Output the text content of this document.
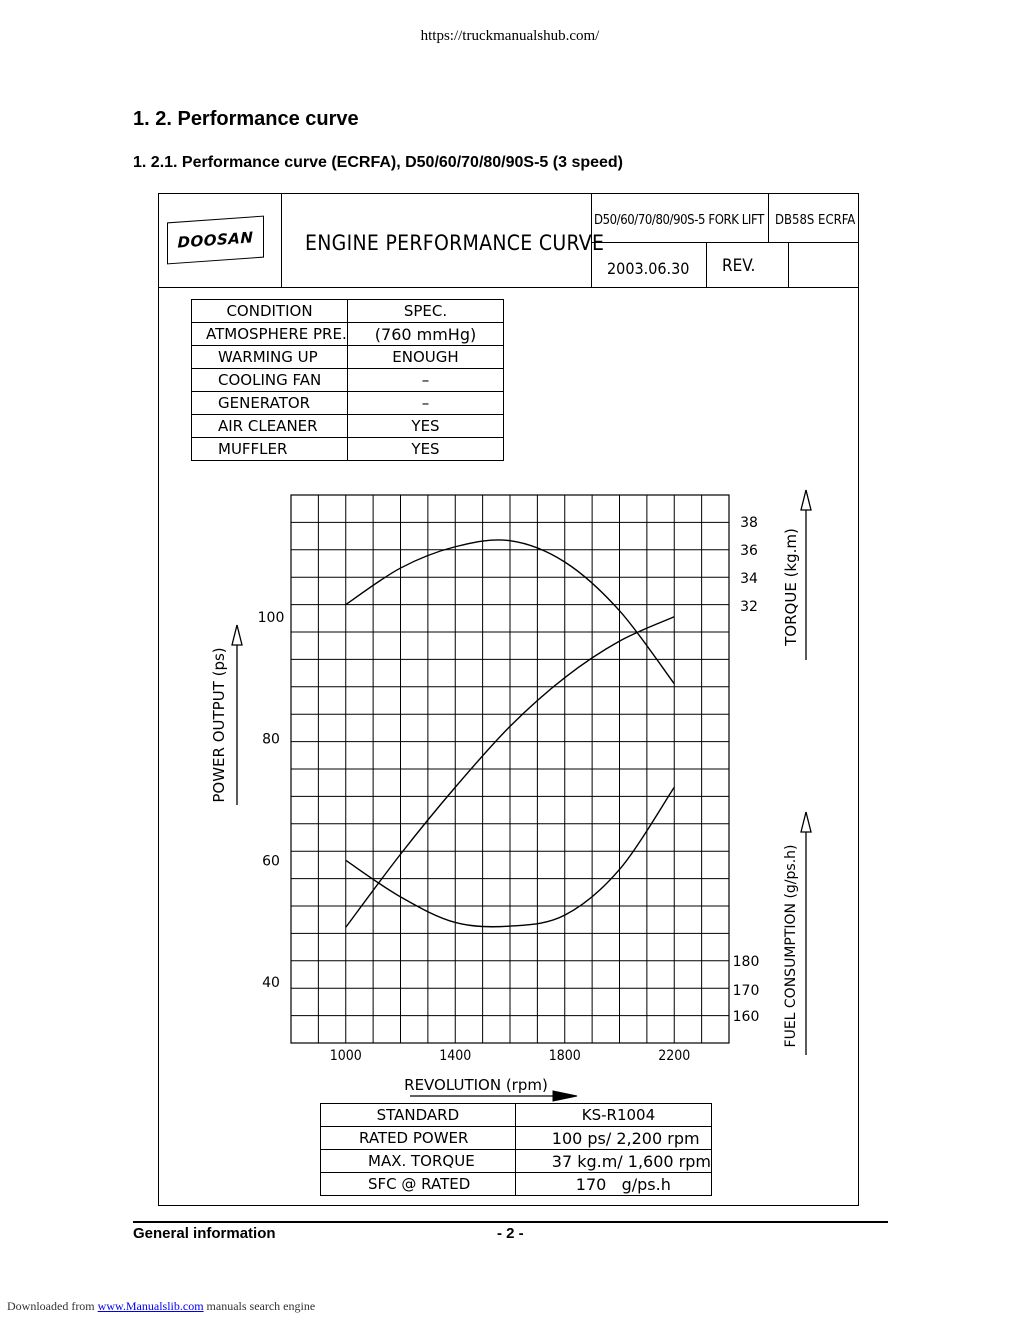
https://truckmanualshub.com/
1. 2. Performance curve
1. 2.1. Performance curve (ECRFA), D50/60/70/80/90S-5 (3 speed)
DOOSAN ENGINE PERFORMANCE CURVE
D50/60/70/80/90S-5 FORK LIFT DB58S ECRFA
2003.06.30 REV.
CONDITION	SPEC.
ATMOSPHERE PRE.	(760 mmHg)
WARMING UP	ENOUGH
COOLING FAN	–
GENERATOR	–
AIR CLEANER	YES
MUFFLER	YES
1000	1400	1800	2200
100
80
60
40
38
36
34
32
180
170
160
REVOLUTION (rpm)
POWER OUTPUT (ps)
TORQUE (kg.m)
FUEL CONSUMPTION (g/ps.h)
STANDARD	KS-R1004
RATED POWER	100 ps/ 2,200 rpm
MAX. TORQUE	37 kg.m/ 1,600 rpm
SFC @ RATED	170   g/ps.h
General information	- 2 -
Downloaded from www.Manualslib.com manuals search engine
